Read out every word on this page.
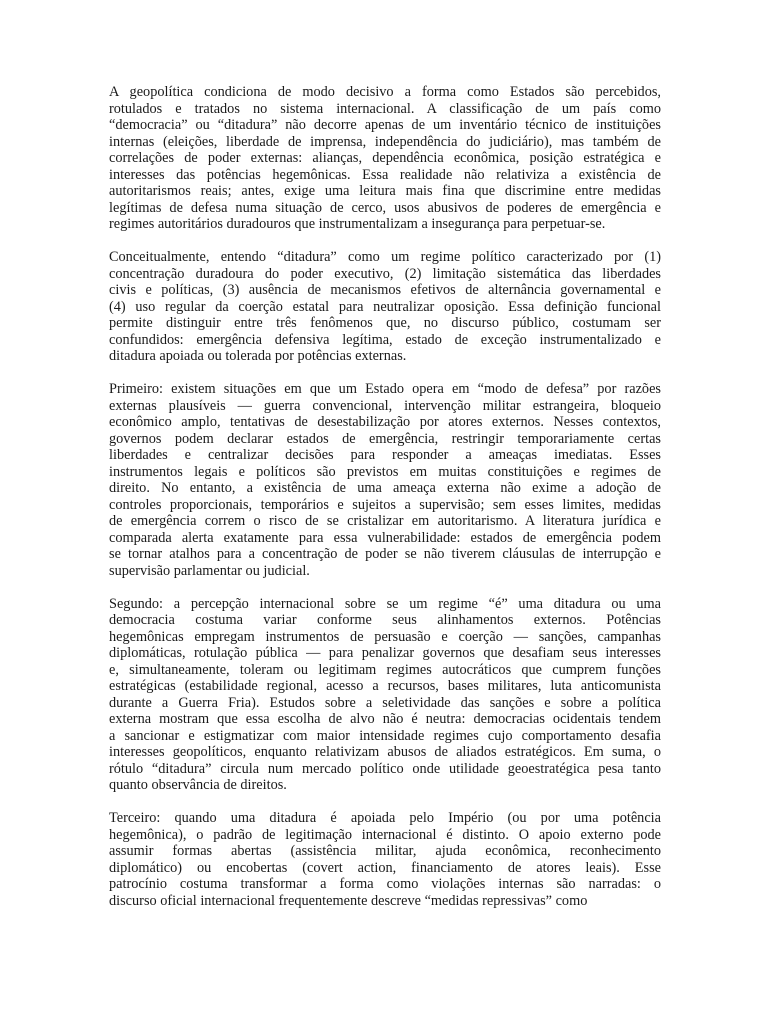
A geopolítica condiciona de modo decisivo a forma como Estados são percebidos,
rotulados e tratados no sistema internacional. A classificação de um país como
“democracia” ou “ditadura” não decorre apenas de um inventário técnico de instituições
internas (eleições, liberdade de imprensa, independência do judiciário), mas também de
correlações de poder externas: alianças, dependência econômica, posição estratégica e
interesses das potências hegemônicas. Essa realidade não relativiza a existência de
autoritarismos reais; antes, exige uma leitura mais fina que discrimine entre medidas
legítimas de defesa numa situação de cerco, usos abusivos de poderes de emergência e
regimes autoritários duradouros que instrumentalizam a insegurança para perpetuar-se.
Conceitualmente, entendo “ditadura” como um regime político caracterizado por (1)
concentração duradoura do poder executivo, (2) limitação sistemática das liberdades
civis e políticas, (3) ausência de mecanismos efetivos de alternância governamental e
(4) uso regular da coerção estatal para neutralizar oposição. Essa definição funcional
permite distinguir entre três fenômenos que, no discurso público, costumam ser
confundidos: emergência defensiva legítima, estado de exceção instrumentalizado e
ditadura apoiada ou tolerada por potências externas.
Primeiro: existem situações em que um Estado opera em “modo de defesa” por razões
externas plausíveis — guerra convencional, intervenção militar estrangeira, bloqueio
econômico amplo, tentativas de desestabilização por atores externos. Nesses contextos,
governos podem declarar estados de emergência, restringir temporariamente certas
liberdades e centralizar decisões para responder a ameaças imediatas. Esses
instrumentos legais e políticos são previstos em muitas constituições e regimes de
direito. No entanto, a existência de uma ameaça externa não exime a adoção de
controles proporcionais, temporários e sujeitos a supervisão; sem esses limites, medidas
de emergência correm o risco de se cristalizar em autoritarismo. A literatura jurídica e
comparada alerta exatamente para essa vulnerabilidade: estados de emergência podem
se tornar atalhos para a concentração de poder se não tiverem cláusulas de interrupção e
supervisão parlamentar ou judicial.
Segundo: a percepção internacional sobre se um regime “é” uma ditadura ou uma
democracia costuma variar conforme seus alinhamentos externos. Potências
hegemônicas empregam instrumentos de persuasão e coerção — sanções, campanhas
diplomáticas, rotulação pública — para penalizar governos que desafiam seus interesses
e, simultaneamente, toleram ou legitimam regimes autocráticos que cumprem funções
estratégicas (estabilidade regional, acesso a recursos, bases militares, luta anticomunista
durante a Guerra Fria). Estudos sobre a seletividade das sanções e sobre a política
externa mostram que essa escolha de alvo não é neutra: democracias ocidentais tendem
a sancionar e estigmatizar com maior intensidade regimes cujo comportamento desafia
interesses geopolíticos, enquanto relativizam abusos de aliados estratégicos. Em suma, o
rótulo “ditadura” circula num mercado político onde utilidade geoestratégica pesa tanto
quanto observância de direitos.
Terceiro: quando uma ditadura é apoiada pelo Império (ou por uma potência
hegemônica), o padrão de legitimação internacional é distinto. O apoio externo pode
assumir formas abertas (assistência militar, ajuda econômica, reconhecimento
diplomático) ou encobertas (covert action, financiamento de atores leais). Esse
patrocínio costuma transformar a forma como violações internas são narradas: o
discurso oficial internacional frequentemente descreve “medidas repressivas” como
